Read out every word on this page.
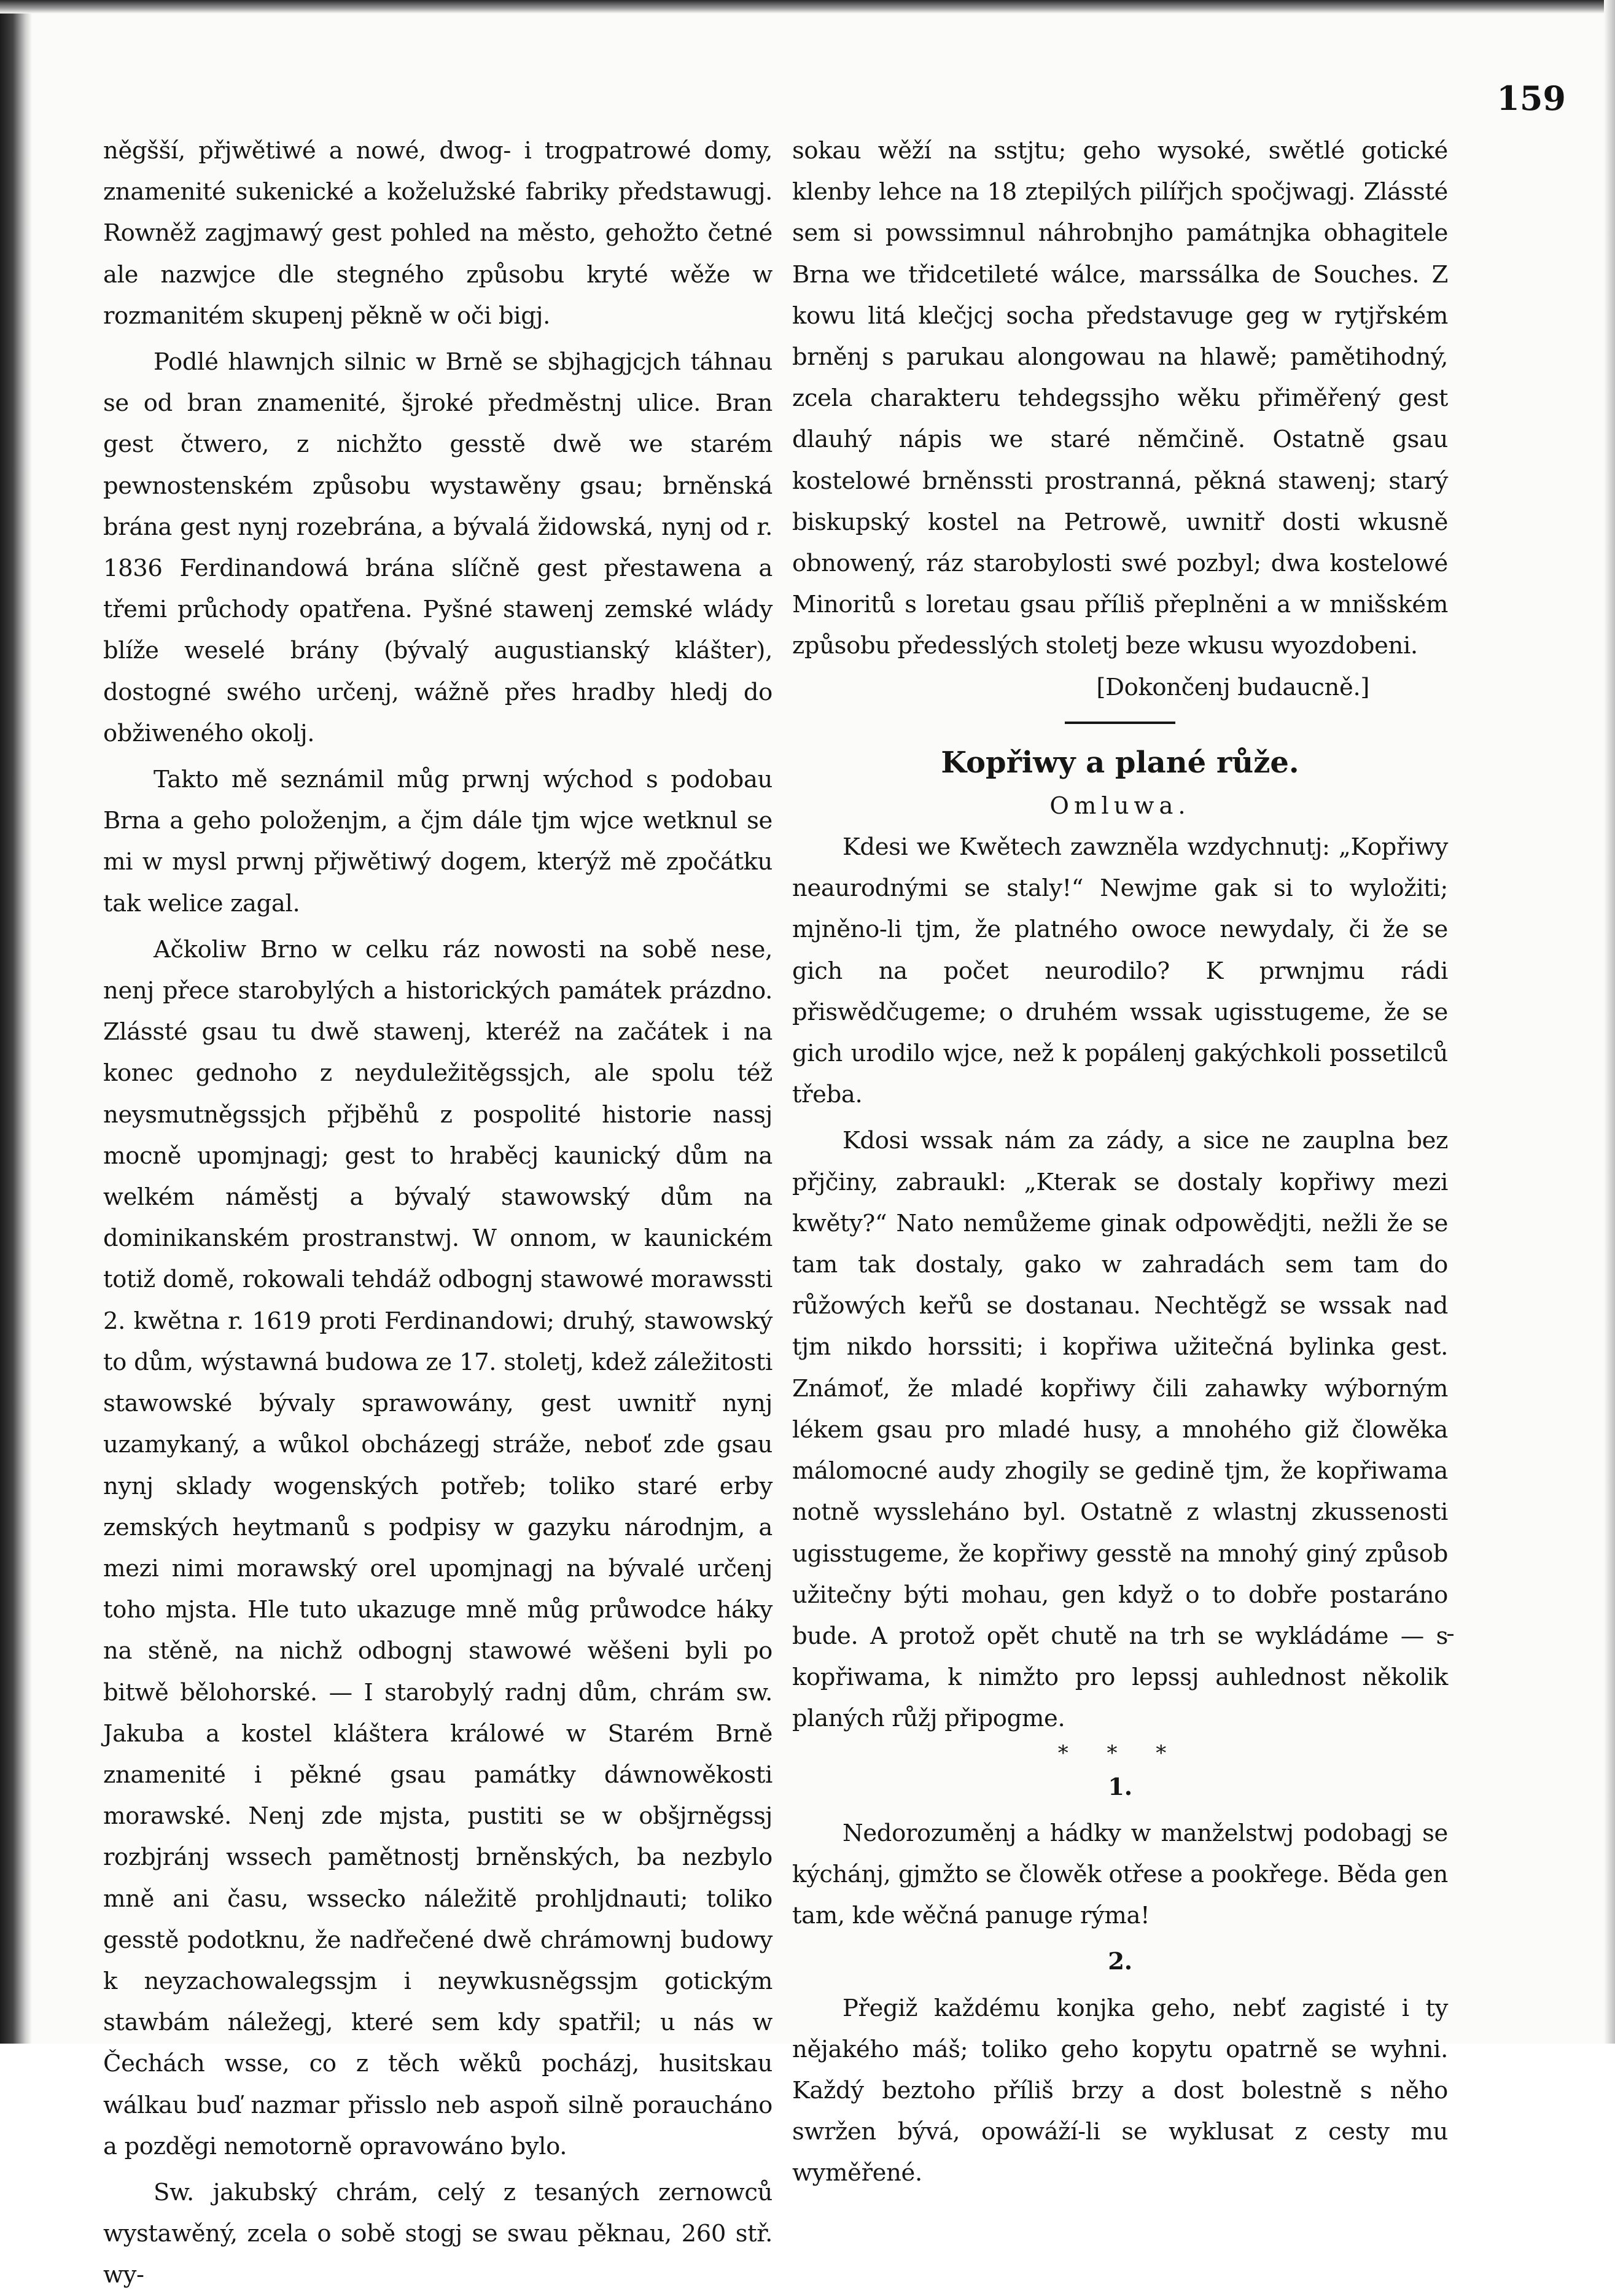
159

něgšší, přjwětiwé a nowé, dwog- i trogpatrowé domy, znamenité sukenické a koželužské fabriky předstawugj. Rowněž zagjmawý gest pohled na město, gehožto četné ale nazwjce dle stegného způsobu kryté wěže w rozmanitém skupenj pěkně w oči bigj.

Podlé hlawnjch silnic w Brně se sbjhagjcjch táhnau se od bran znamenité, šjroké předměstnj ulice. Bran gest čtwero, z nichžto gesstě dwě we starém pewnostenském způsobu wystawěny gsau; brněnská brána gest nynj rozebrána, a bývalá židowská, nynj od r. 1836 Ferdinandowá brána slíčně gest přestawena a třemi průchody opatřena. Pyšné stawenj zemské wlády blíže weselé brány (bývalý augustianský klášter), dostogné swého určenj, wážně přes hradby hledj do obžiweného okolj.

Takto mě seznámil můg prwnj wýchod s podobau Brna a geho položenjm, a čjm dále tjm wjce wetknul se mi w mysl prwnj přjwětiwý dogem, kterýž mě zpočátku tak welice zagal.

Ačkoliw Brno w celku ráz nowosti na sobě nese, nenj přece starobylých a historických památek prázdno. Zlássté gsau tu dwě stawenj, kteréž na začátek i na konec gednoho z neyduležitěgssjch, ale spolu též neysmutněgssjch přjběhů z pospolité historie nassj mocně upomjnagj; gest to hraběcj kaunický dům na welkém náměstj a bývalý stawowský dům na dominikanském prostranstwj. W onnom, w kaunickém totiž domě, rokowali tehdáž odbognj stawowé morawssti 2. kwětna r. 1619 proti Ferdinandowi; druhý, stawowský to dům, wýstawná budowa ze 17. stoletj, kdež záležitosti stawowské bývaly sprawowány, gest uwnitř nynj uzamykaný, a wůkol obcházegj stráže, neboť zde gsau nynj sklady wogenských potřeb; toliko staré erby zemských heytmanů s podpisy w gazyku národnjm, a mezi nimi morawský orel upomjnagj na bývalé určenj toho mjsta. Hle tuto ukazuge mně můg průwodce háky na stěně, na nichž odbognj stawowé wěšeni byli po bitwě bělohorské. — I starobylý radnj dům, chrám sw. Jakuba a kostel kláštera králowé w Starém Brně znamenité i pěkné gsau památky dáwnowěkosti morawské. Nenj zde mjsta, pustiti se w obšjrněgssj rozbjránj wssech pamětnostj brněnských, ba nezbylo mně ani času, wssecko náležitě prohljdnauti; toliko gesstě podotknu, že nadřečené dwě chrámownj budowy k neyzachowalegssjm i neywkusněgssjm gotickým stawbám náležegj, které sem kdy spatřil; u nás w Čechách wsse, co z těch wěků pocházj, husitskau wálkau buď nazmar přisslo neb aspoň silně poraucháno a pozděgi nemotorně opravowáno bylo.

Sw. jakubský chrám, celý z tesaných zernowců wystawěný, zcela o sobě stogj se swau pěknau, 260 stř. wy-

sokau wěží na sstjtu; geho wysoké, swětlé gotické klenby lehce na 18 ztepilých pilířjch spočjwagj. Zlássté sem si powssimnul náhrobnjho památnjka obhagitele Brna we třidcetileté wálce, marssálka de Souches. Z kowu litá klečjcj socha představuge geg w rytjřském brněnj s parukau alongowau na hlawě; pamětihodný, zcela charakteru tehdegssjho wěku přiměřený gest dlauhý nápis we staré němčině. Ostatně gsau kostelowé brněnssti prostranná, pěkná stawenj; starý biskupský kostel na Petrowě, uwnitř dosti wkusně obnowený, ráz starobylosti swé pozbyl; dwa kostelowé Minoritů s loretau gsau příliš přeplněni a w mnišském způsobu předesslých stoletj beze wkusu wyozdobeni.

[Dokončenj budaucně.]

Kopřiwy a plané růže.

Omluwa.

Kdesi we Kwětech zawzněla wzdychnutj: „Kopřiwy neaurodnými se staly!“ Newjme gak si to wyložiti; mjněno-li tjm, že platného owoce newydaly, či že se gich na počet neurodilo? K prwnjmu rádi přiswědčugeme; o druhém wssak ugisstugeme, že se gich urodilo wjce, než k popálenj gakýchkoli possetilců třeba.

Kdosi wssak nám za zády, a sice ne zauplna bez přjčiny, zabraukl: „Kterak se dostaly kopřiwy mezi kwěty?“ Nato nemůžeme ginak odpowědjti, nežli že se tam tak dostaly, gako w zahradách sem tam do růžowých keřů se dostanau. Nechtěgž se wssak nad tjm nikdo horssiti; i kopřiwa užitečná bylinka gest. Známoť, že mladé kopřiwy čili zahawky wýborným lékem gsau pro mladé husy, a mnohého giž člowěka málomocné audy zhogily se gedině tjm, že kopřiwama notně wyssleháno byl. Ostatně z wlastnj zkussenosti ugisstugeme, že kopřiwy gesstě na mnohý giný způsob užitečny býti mohau, gen když o to dobře postaráno bude. A protož opět chutě na trh se wykládáme — s kopřiwama, k nimžto pro lepssj auhlednost několik planých růžj připogme.

* * *

1.

Nedorozuměnj a hádky w manželstwj podobagj se kýchánj, gjmžto se člowěk otřese a pookřege. Běda gen tam, kde wěčná panuge rýma!

2.

Přegiž každému konjka geho, nebť zagisté i ty nějakého máš; toliko geho kopytu opatrně se wyhni. Každý beztoho příliš brzy a dost bolestně s něho swržen bývá, opowáží-li se wyklusat z cesty mu wyměřené.
